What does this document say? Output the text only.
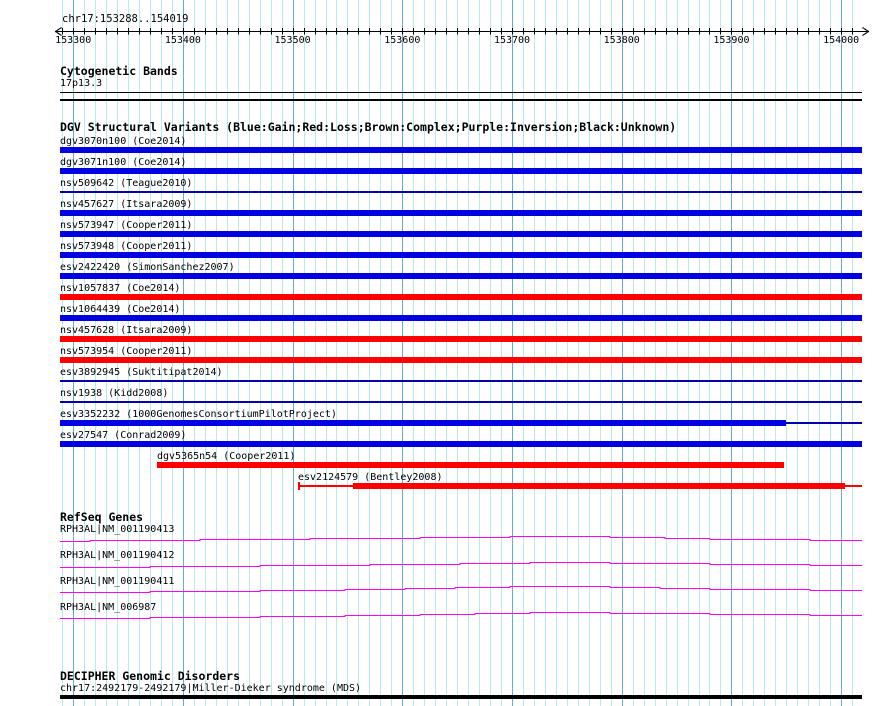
chr17:153288..154019
153300	153400	153500	153600	153700	153800	153900	154000
Cytogenetic Bands
17p13.3
DGV Structural Variants (Blue:Gain;Red:Loss;Brown:Complex;Purple:Inversion;Black:Unknown)
dgv3070n100 (Coe2014)
dgv3071n100 (Coe2014)
nsv509642 (Teague2010)
nsv457627 (Itsara2009)
nsv573947 (Cooper2011)
nsv573948 (Cooper2011)
esv2422420 (SimonSanchez2007)
nsv1057837 (Coe2014)
nsv1064439 (Coe2014)
nsv457628 (Itsara2009)
nsv573954 (Cooper2011)
esv3892945 (Suktitipat2014)
nsv1938 (Kidd2008)
esv3352232 (1000GenomesConsortiumPilotProject)
esv27547 (Conrad2009)
dgv5365n54 (Cooper2011)
esv2124579 (Bentley2008)
RefSeq Genes
RPH3AL|NM_001190413
RPH3AL|NM_001190412
RPH3AL|NM_001190411
RPH3AL|NM_006987
DECIPHER Genomic Disorders
chr17:2492179-2492179|Miller-Dieker syndrome (MDS)
